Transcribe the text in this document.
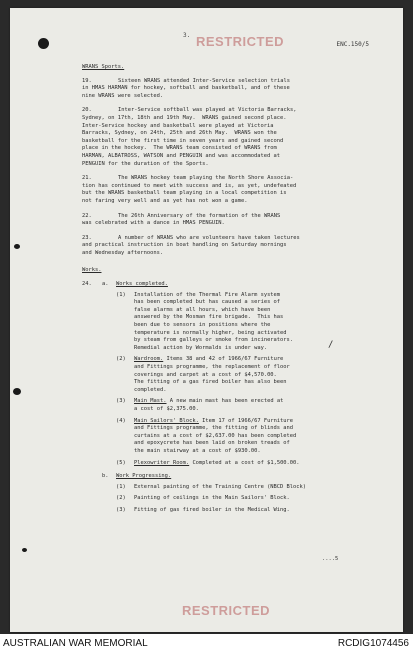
3. RESTRICTED	ENC.150/5
WRANS Sports.
19.	Sixteen WRANS attended Inter-Service selection trials
in HMAS HARMAN for hockey, softball and basketball, and of these
nine WRANS were selected.
20.	Inter-Service softball was played at Victoria Barracks,
Sydney, on 17th, 18th and 19th May.  WRANS gained second place.
Inter-Service hockey and basketball were played at Victoria
Barracks, Sydney, on 24th, 25th and 26th May.  WRANS won the
basketball for the first time in seven years and gained second
place in the hockey.  The WRANS team consisted of WRANS from
HARMAN, ALBATROSS, WATSON and PENGUIN and was accommodated at
PENGUIN for the duration of the Sports.
21.	The WRANS hockey team playing the North Shore Associa-
tion has continued to meet with success and is, as yet, undefeated
but the WRANS basketball team playing in a local competition is
not faring very well and as yet has not won a game.
22.	The 26th Anniversary of the formation of the WRANS
was celebrated with a dance in HMAS PENGUIN.
23.	A number of WRANS who are volunteers have taken lectures
and practical instruction in boat handling on Saturday mornings
and Wednesday afternoons.
Works.
24.	a.	Works completed.
(1)	Installation of the Thermal Fire Alarm system
has been completed but has caused a series of
false alarms at all hours, which have been
answered by the Mosman fire brigade.  This has
been due to sensors in positions where the
temperature is normally higher, being activated
by steam from galleys or smoke from incinerators.
Remedial action by Wormalds is under way.
(2)	Wardroom. Items 38 and 42 of 1966/67 Furniture
and Fittings programme, the replacement of floor
coverings and carpet at a cost of $4,570.00.
The fitting of a gas fired boiler has also been
completed.
(3)	Main Mast. A new main mast has been erected at
a cost of $2,375.00.
(4)	Main Sailors' Block. Item 17 of 1966/67 Furniture
and Fittings programme, the fitting of blinds and
curtains at a cost of $2,637.00 has been completed
and epoxycrete has been laid on broken treads of
the main stairway at a cost of $930.00.
(5)	Plexowriter Room. Completed at a cost of $1,500.00.
b.	Work Progressing.
(1)	External painting of the Training Centre (NBCD Block)
(2)	Painting of ceilings in the Main Sailors' Block.
(3)	Fitting of gas fired boiler in the Medical Wing.
/
....5
RESTRICTED
AUSTRALIAN WAR MEMORIAL	RCDIG1074456
